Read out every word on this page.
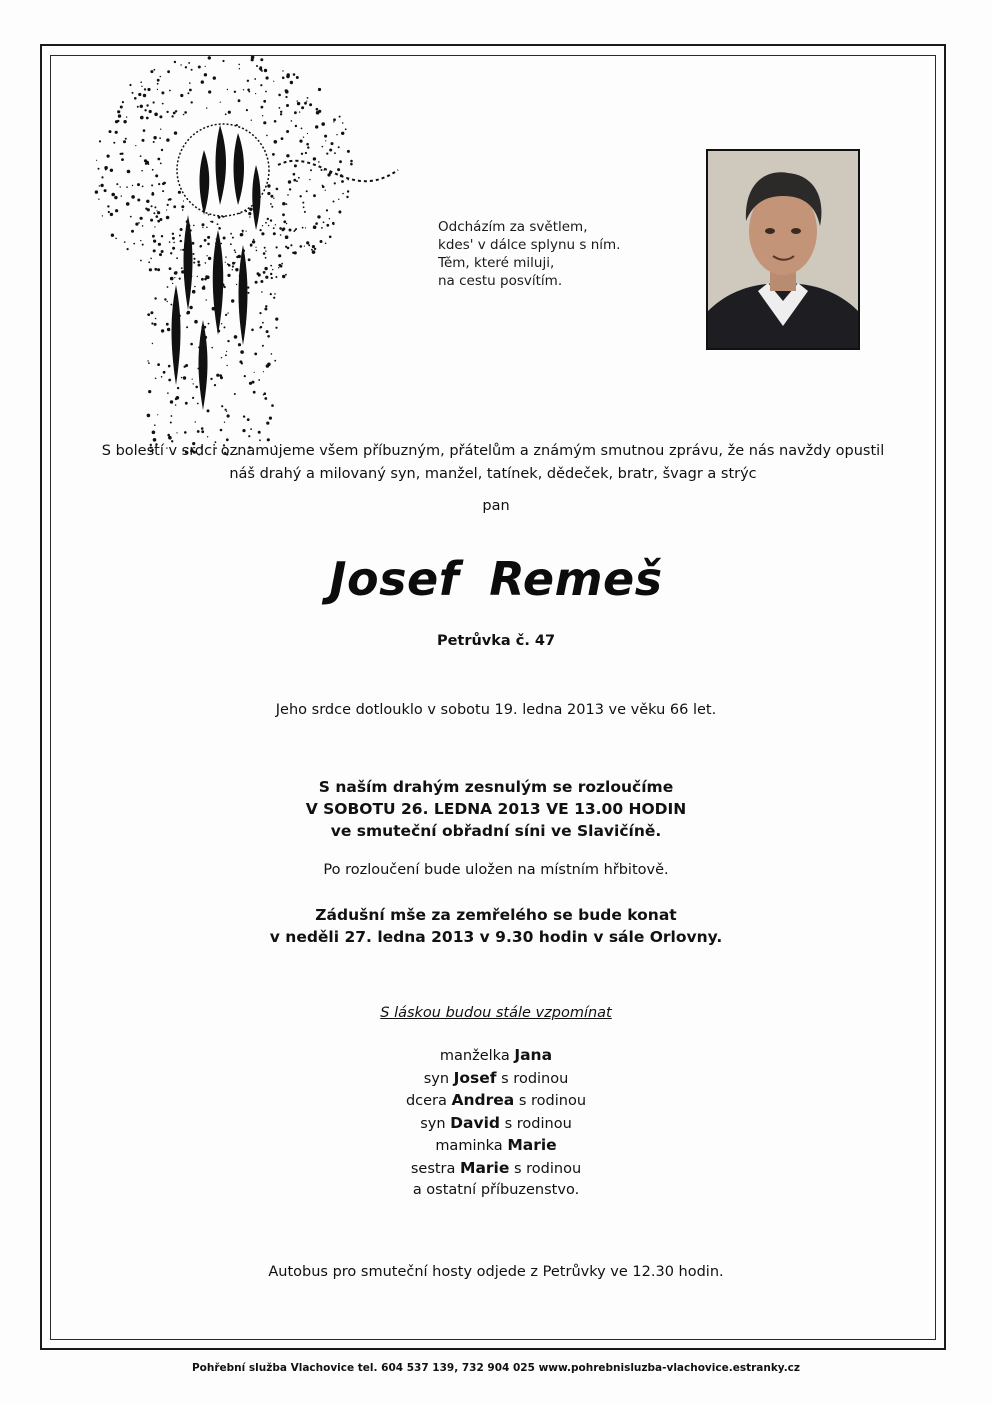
Odcházím za světlem,
kdes' v dálce splynu s ním.
Těm, které miluji,
na cestu posvítím.
S bolestí v srdci oznamujeme všem příbuzným, přátelům a známým smutnou zprávu, že nás navždy opustil
náš drahý a milovaný syn, manžel, tatínek, dědeček, bratr, švagr a strýc
pan
Josef Remeš
Petrůvka č. 47
Jeho srdce dotlouklo v sobotu 19. ledna 2013 ve věku 66 let.
S naším drahým zesnulým se rozloučíme
V SOBOTU 26. LEDNA 2013 VE 13.00 HODIN
ve smuteční obřadní síni ve Slavičíně.
Po rozloučení bude uložen na místním hřbitově.
Zádušní mše za zemřelého se bude konat
v neděli 27. ledna 2013 v 9.30 hodin v sále Orlovny.
S láskou budou stále vzpomínat
manželka Jana
syn Josef s rodinou
dcera Andrea s rodinou
syn David s rodinou
maminka Marie
sestra Marie s rodinou
a ostatní příbuzenstvo.
Autobus pro smuteční hosty odjede z Petrůvky ve 12.30 hodin.
Pohřební služba Vlachovice tel. 604 537 139, 732 904 025 www.pohrebnisluzba-vlachovice.estranky.cz
